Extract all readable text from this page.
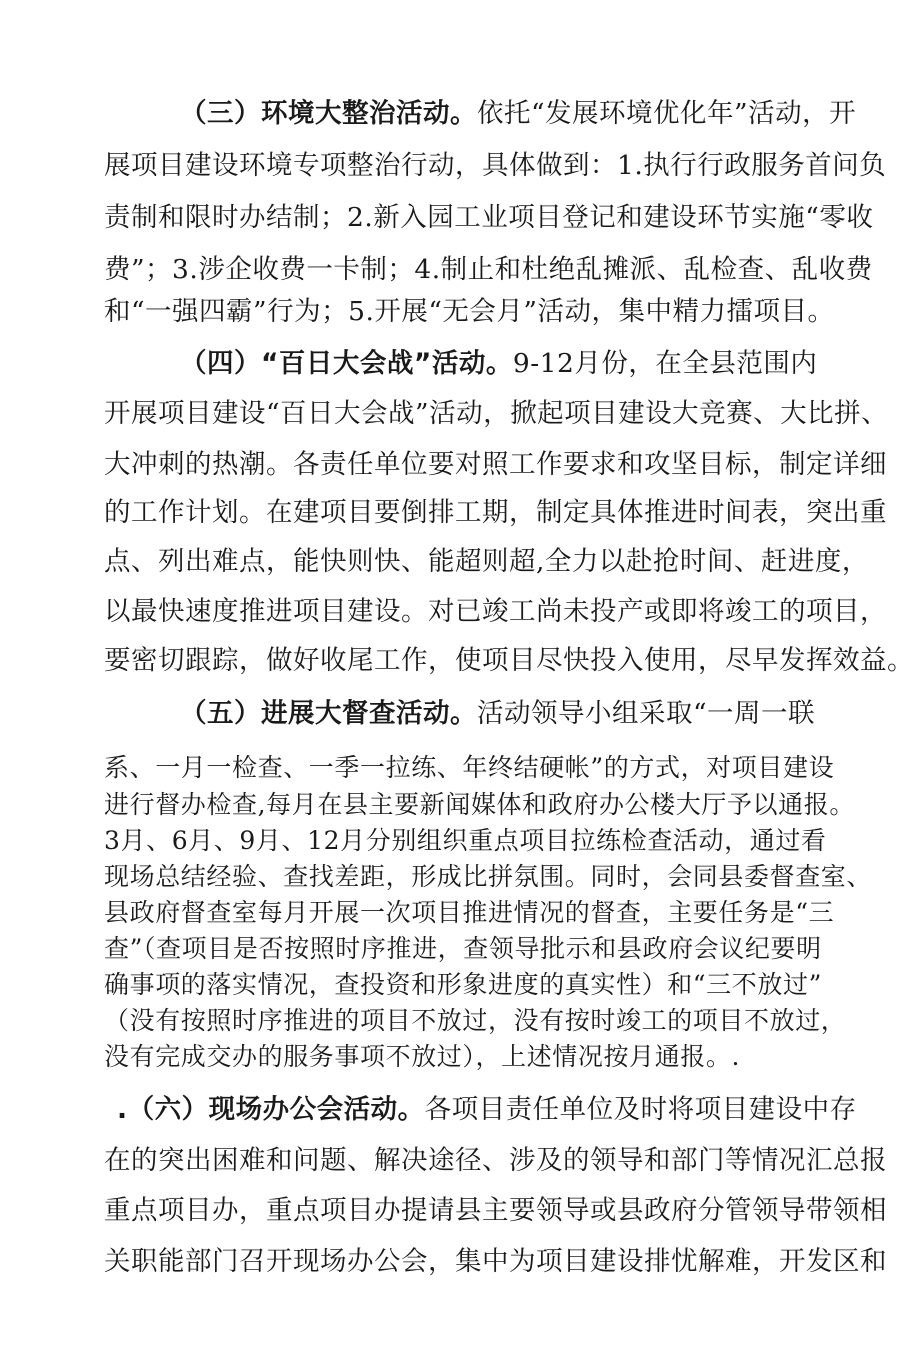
（三）环境大整治活动。依托“发展环境优化年”活动，开
展项目建设环境专项整治行动，具体做到：1.执行行政服务首问负
责制和限时办结制；2.新入园工业项目登记和建设环节实施“零收
费”；3.涉企收费一卡制；4.制止和杜绝乱摊派、乱检查、乱收费
和“一强四霸”行为；5.开展“无会月”活动，集中精力擂项目。
（四）“百日大会战”活动。9-12月份，在全县范围内
开展项目建设“百日大会战”活动，掀起项目建设大竞赛、大比拼、
大冲刺的热潮。各责任单位要对照工作要求和攻坚目标，制定详细
的工作计划。在建项目要倒排工期，制定具体推进时间表，突出重
点、列出难点，能快则快、能超则超,全力以赴抢时间、赶进度，
以最快速度推进项目建设。对已竣工尚未投产或即将竣工的项目，
要密切跟踪，做好收尾工作，使项目尽快投入使用，尽早发挥效益。
（五）进展大督查活动。活动领导小组采取“一周一联
系、一月一检查、一季一拉练、年终结硬帐”的方式，对项目建设
进行督办检查,每月在县主要新闻媒体和政府办公楼大厅予以通报。
3月、6月、9月、12月分别组织重点项目拉练检查活动，通过看
现场总结经验、查找差距，形成比拼氛围。同时，会同县委督查室、
县政府督查室每月开展一次项目推进情况的督查，主要任务是“三
查”（查项目是否按照时序推进，查领导批示和县政府会议纪要明
确事项的落实情况，查投资和形象进度的真实性）和“三不放过”
（没有按照时序推进的项目不放过，没有按时竣工的项目不放过，
没有完成交办的服务事项不放过），上述情况按月通报。.
.（六）现场办公会活动。各项目责任单位及时将项目建设中存
在的突出困难和问题、解决途径、涉及的领导和部门等情况汇总报
重点项目办，重点项目办提请县主要领导或县政府分管领导带领相
关职能部门召开现场办公会，集中为项目建设排忧解难，开发区和
